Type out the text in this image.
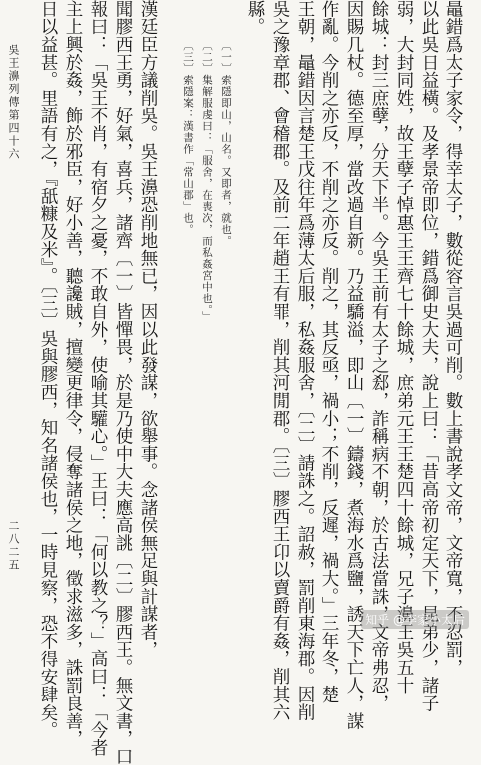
鼂錯爲太子家令，得幸太子，數從容言吳過可削。數上書說孝文帝，文帝寬，不忍罰，
以此吳日益橫。及孝景帝即位，錯爲御史大夫，說上曰：「昔高帝初定天下，昆弟少，諸子
弱，大封同姓，故王孽子悼惠王王齊七十餘城，庶弟元王王楚四十餘城，兄子濞王吳五十
餘城：封三庶孽，分天下半。今吳王前有太子之郄，詐稱病不朝，於古法當誅，文帝弗忍，
因賜几杖。德至厚，當改過自新。乃益驕溢，即山〔一〕鑄錢，煮海水爲鹽，誘天下亡人，謀
作亂。今削之亦反，不削之亦反。削之，其反亟，禍小；不削，反遲，禍大。」三年冬，楚
王朝，鼂錯因言楚王戊往年爲薄太后服，私姦服舍，〔二〕請誅之。詔赦，罰削東海郡。因削
吳之豫章郡、會稽郡。及前二年趙王有罪，削其河閒郡。〔三〕膠西王卬以賣爵有姦，削其六
縣。
〔一〕索隱即山，山名。又即者，就也。
〔二〕集解服虔曰：「服舍，在喪次，而私姦宮中也。」
〔三〕索隱案：漢書作「常山郡」也。
漢廷臣方議削吳。吳王濞恐削地無已，因以此發謀，欲舉事。念諸侯無足與計謀者，
聞膠西王勇，好氣，喜兵，諸齊〔一〕皆憚畏，於是乃使中大夫應高誂〔二〕膠西王。無文書，口
報曰：「吳王不肖，有宿夕之憂，不敢自外，使喻其驩心。」王曰：「何以教之？」高曰：「今者
主上興於姦，飾於邪臣，好小善，聽讒賊，擅變更律令，侵奪諸侯之地，徵求滋多，誅罰良善，
日以益甚。里語有之，『舐糠及米』。〔三〕吳與膠西，知名諸侯也，一時見察，恐不得安肆矣。
吳王濞列傳第四十六
二八二五
知乎 @李家小太后
